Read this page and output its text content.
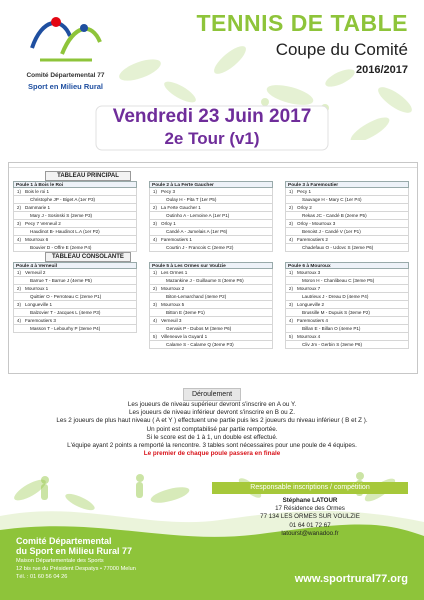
Comité Départemental 77
Sport en Milieu Rural
TENNIS DE TABLE
Coupe du Comité
2016/2017
Vendredi 23 Juin 2017
2e Tour (v1)
TABLEAU PRINCIPAL
Poule 1 à Bois le Roi
1) Bois le roi 1
Christophe JP - Biget A (1er P3)
2) Dammarie 1
Mary J - Sosinski S (2eme P3)
3) Pecy 7 Verneuil 2
Haudinot B- Haudinot L.A (1er P2)
4) Mourroux 6
Bouvier D - Offre E (2eme P4)
Poule 2 à La Ferte Gaucher
1) Pecy 3
Oulay H - Pita T (1er P5)
2) La Ferte Gaucher 1
Outinho A - Lemoine A (1er P1)
3) Orloy 1
Candé A - Jumelais A (1er P6)
4) Faremoutiers 1
Courtin J - Francois C (2eme P2)
Poule 3 à Faremoutier
1) Pecy 1
Sauvage H - Mary C (1er P4)
2) Orloy 2
Rekas JC - Candé B (2eme P5)
3) Orloy - Mourroux 3
Benoist J - Candé V (1er P1)
4) Faremoutiers 2
Chadefaux O - Udovc S (2eme P6)
TABLEAU CONSOLANTE
Poule 4 à Verneuil
1) Verneuil 2
Barrue T - Barrue J (4eme P5)
2) Mourroux 1
Quittier O - Perroteau C (2eme P1)
3) Longueville 1
Balzovier T - Jacques L (4eme P3)
4) Faremoutiers 3
Masson T - Lebourhy P (3eme P4)
Poule 5 à Les Ormes sur Voulzie
1) Les Ormes 1
Mazankine J - Guillaume S (3eme P6)
2) Mourroux 2
Biton-Lemarchand (4eme P2)
3) Mourroux 5
Bitton E (3eme P1)
4) Verneuil 3
Gervais P - Dubos M (3eme P6)
5) Villeneuve la Guyard 1
Calame S - Calame Q (3eme P3)
Poule 6 à Mouroux
1) Mourroux 3
Moron H - Chanlibeau C (3eme P5)
2) Mourroux 7
Lautrieux J - Dreau D (4eme P4)
3) Longueville 2
Brussille M - Dupuis S (3eme P2)
4) Faremoutiers 4
Billan E - Billan O (4eme P1)
5) Mourroux 4
Cliv Jm - Gerbin S (3eme P6)
Déroulement
Les joueurs de niveau supérieur devront s'inscrire en A ou Y.
Les joueurs de niveau inférieur devront s'inscrire en B ou Z.
Les 2 joueurs de plus haut niveau ( A et Y ) effectuent une partie puis les 2 joueurs du niveau inférieur ( B et Z ).
Un point est comptabilisé par partie remportée.
Si le score est de 1 à 1, un double est effectué.
L'équipe ayant 2 points a remporté la rencontre. 3 tables sont nécessaires pour une poule de 4 équipes.
Le premier de chaque poule passera en finale
Responsable inscriptions / compétition
Stéphane LATOUR
17 Résidence des Ormes
77 134 LES ORMES SUR VOULZIE
01 64 01 72 67
latourst@wanadoo.fr
Comité Départemental
du Sport en Milieu Rural 77
Maison Départementale des Sports
12 bis rue du Président Despatys • 77000 Melun
Tél. : 01 60 56 04 26	www.sportrural77.org
